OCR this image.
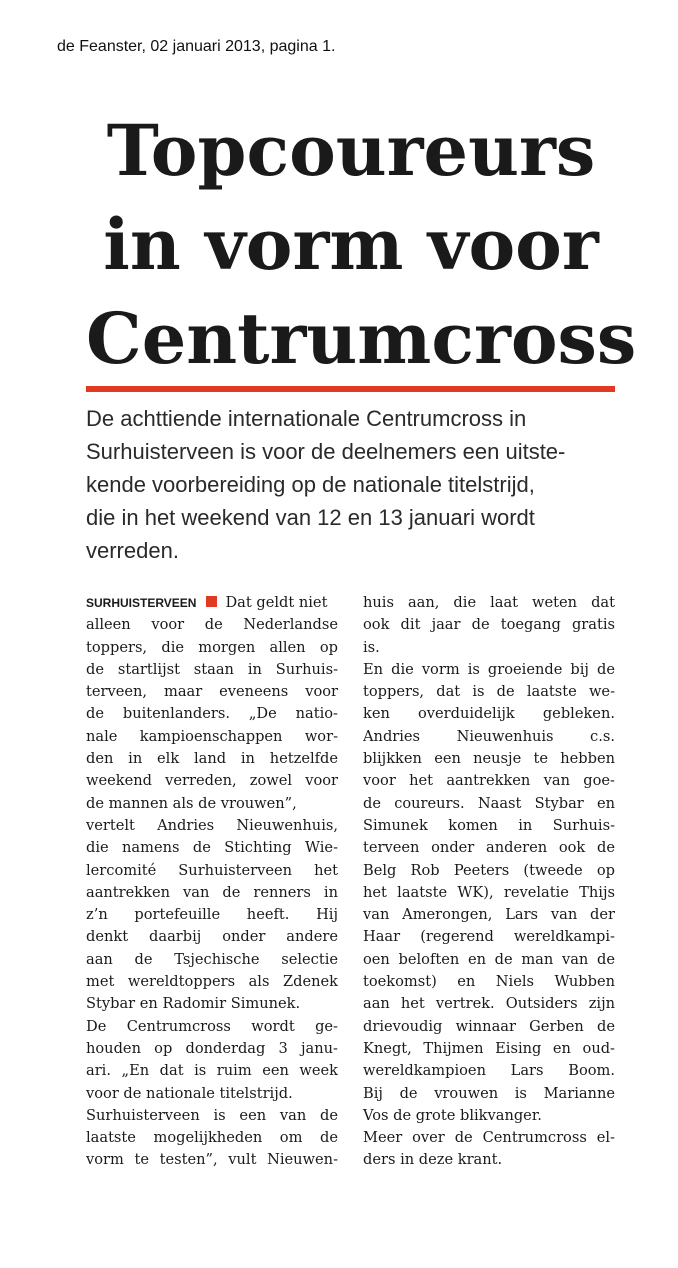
de Feanster, 02 januari 2013, pagina 1.
Topcoureurs
in vorm voor
Centrumcross
De achttiende internationale Centrumcross in
Surhuisterveen is voor de deelnemers een uitste-
kende voorbereiding op de nationale titelstrijd,
die in het weekend van 12 en 13 januari wordt
verreden.
SURHUISTERVEEN Dat geldt niet
alleen voor de Nederlandse
toppers, die morgen allen op
de startlijst staan in Surhuis-
terveen, maar eveneens voor
de buitenlanders. „De natio-
nale kampioenschappen wor-
den in elk land in hetzelfde
weekend verreden, zowel voor
de mannen als de vrouwen”,
vertelt Andries Nieuwenhuis,
die namens de Stichting Wie-
lercomité Surhuisterveen het
aantrekken van de renners in
z’n portefeuille heeft. Hij
denkt daarbij onder andere
aan de Tsjechische selectie
met wereldtoppers als Zdenek
Stybar en Radomir Simunek.
De Centrumcross wordt ge-
houden op donderdag 3 janu-
ari. „En dat is ruim een week
voor de nationale titelstrijd.
Surhuisterveen is een van de
laatste mogelijkheden om de
vorm te testen”, vult Nieuwen-
huis aan, die laat weten dat
ook dit jaar de toegang gratis
is.
En die vorm is groeiende bij de
toppers, dat is de laatste we-
ken overduidelijk gebleken.
Andries Nieuwenhuis c.s.
blijkken een neusje te hebben
voor het aantrekken van goe-
de coureurs. Naast Stybar en
Simunek komen in Surhuis-
terveen onder anderen ook de
Belg Rob Peeters (tweede op
het laatste WK), revelatie Thijs
van Amerongen, Lars van der
Haar (regerend wereldkampi-
oen beloften en de man van de
toekomst) en Niels Wubben
aan het vertrek. Outsiders zijn
drievoudig winnaar Gerben de
Knegt, Thijmen Eising en oud-
wereldkampioen Lars Boom.
Bij de vrouwen is Marianne
Vos de grote blikvanger.
Meer over de Centrumcross el-
ders in deze krant.
